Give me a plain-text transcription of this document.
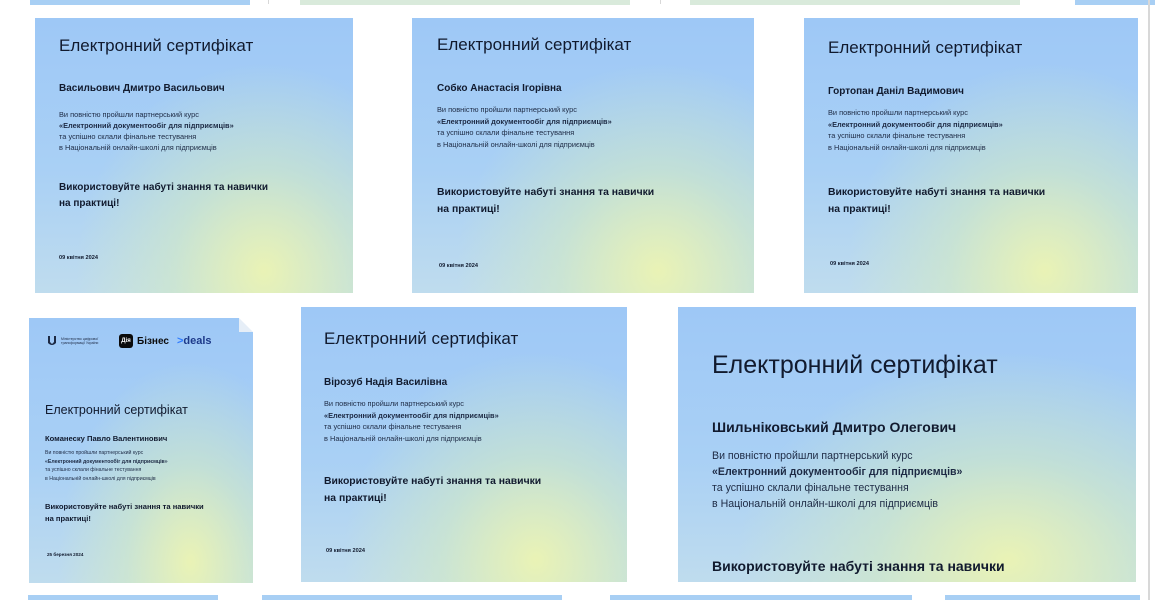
Електронний сертифікат
Васильович Дмитро Васильович
Ви повністю пройшли партнерський курс
«Електронний документообіг для підприємців»
та успішно склали фінальне тестування
в Національній онлайн-школі для підприємців
Використовуйте набуті знання та навички
на практиці!
09 квітня 2024
Електронний сертифікат
Собко Анастасія Ігорівна
Ви повністю пройшли партнерський курс
«Електронний документообіг для підприємців»
та успішно склали фінальне тестування
в Національній онлайн-школі для підприємців
Використовуйте набуті знання та навички
на практиці!
09 квітня 2024
Електронний сертифікат
Гортопан Даніл Вадимович
Ви повністю пройшли партнерський курс
«Електронний документообіг для підприємців»
та успішно склали фінальне тестування
в Національній онлайн-школі для підприємців
Використовуйте набуті знання та навички
на практиці!
09 квітня 2024
Міністерство цифрової трансформації України	Дія Бізнес >deals
Електронний сертифікат
Команеску Павло Валентинович
Ви повністю пройшли партнерський курс
«Електронний документообіг для підприємців»
та успішно склали фінальне тестування
в Національній онлайн-школі для підприємців
Використовуйте набуті знання та навички
на практиці!
25 березня 2024
Електронний сертифікат
Вірозуб Надія Василівна
Ви повністю пройшли партнерський курс
«Електронний документообіг для підприємців»
та успішно склали фінальне тестування
в Національній онлайн-школі для підприємців
Використовуйте набуті знання та навички
на практиці!
09 квітня 2024
Електронний сертифікат
Шильніковський Дмитро Олегович
Ви повністю пройшли партнерський курс
«Електронний документообіг для підприємців»
та успішно склали фінальне тестування
в Національній онлайн-школі для підприємців
Використовуйте набуті знання та навички
